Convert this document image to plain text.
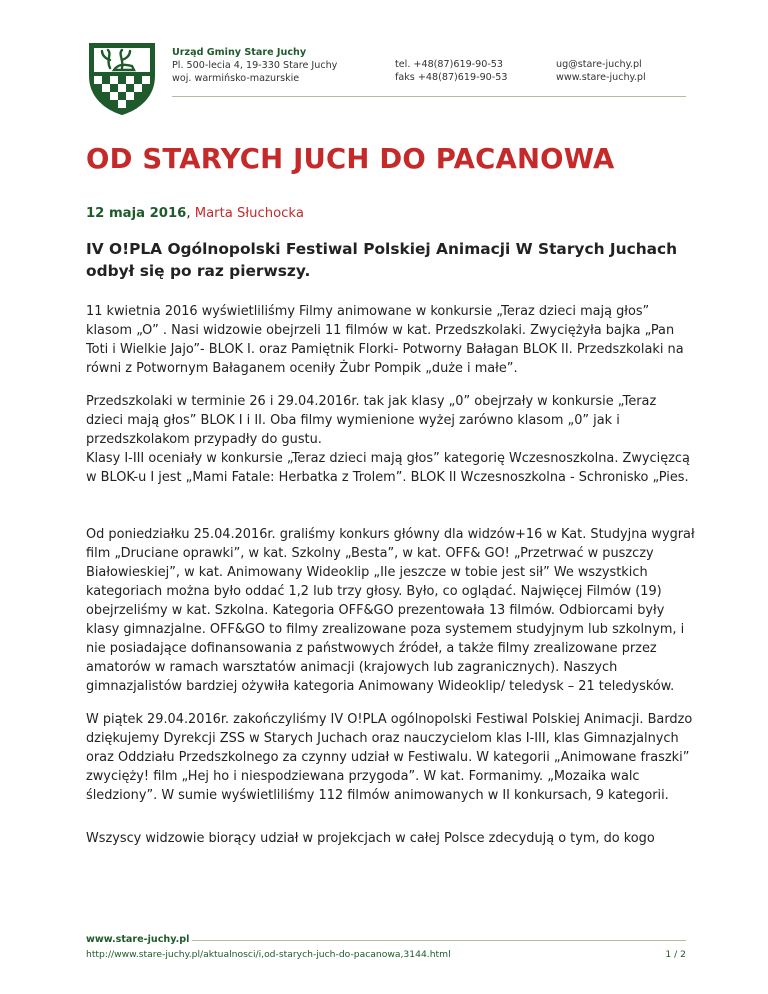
Urząd Gminy Stare Juchy
Pl. 500-lecia 4, 19-330 Stare Juchy
woj. warmińsko-mazurskie
tel. +48(87)619-90-53
faks +48(87)619-90-53
ug@stare-juchy.pl
www.stare-juchy.pl
OD STARYCH JUCH DO PACANOWA
12 maja 2016, Marta Słuchocka
IV O!PLA Ogólnopolski Festiwal Polskiej Animacji W Starych Juchach odbył się po raz pierwszy.

11 kwietnia 2016 wyświetliliśmy Filmy animowane w konkursie „Teraz dzieci mają głos” klasom „O” . Nasi widzowie obejrzeli 11 filmów w kat. Przedszkolaki. Zwyciężyła bajka „Pan Toti i Wielkie Jajo”- BLOK I. oraz Pamiętnik Florki- Potworny Bałagan BLOK II. Przedszkolaki na równi z Potwornym Bałaganem oceniły Żubr Pompik „duże i małe”.

Przedszkolaki w terminie 26 i 29.04.2016r. tak jak klasy „0” obejrzały w konkursie „Teraz dzieci mają głos” BLOK I i II. Oba filmy wymienione wyżej zarówno klasom „0” jak i przedszkolakom przypadły do gustu.

Klasy I-III oceniały w konkursie „Teraz dzieci mają głos” kategorię Wczesnoszkolna. Zwycięzcą w BLOK-u I jest „Mami Fatale: Herbatka z Trolem”. BLOK II Wczesnoszkolna - Schronisko „Pies.

Od poniedziałku 25.04.2016r. graliśmy konkurs główny dla widzów+16 w Kat. Studyjna wygrał film „Druciane oprawki”, w kat. Szkolny „Besta”, w kat. OFF& GO! „Przetrwać w puszczy Białowieskiej”, w kat. Animowany Wideoklip „Ile jeszcze w tobie jest sił” We wszystkich kategoriach można było oddać 1,2 lub trzy głosy. Było, co oglądać. Najwięcej Filmów (19) obejrzeliśmy w kat. Szkolna. Kategoria OFF&GO prezentowała 13 filmów. Odbiorcami były klasy gimnazjalne. OFF&GO to filmy zrealizowane poza systemem studyjnym lub szkolnym, i nie posiadające dofinansowania z państwowych źródeł, a także filmy zrealizowane przez amatorów w ramach warsztatów animacji (krajowych lub zagranicznych). Naszych gimnazjalistów bardziej ożywiła kategoria Animowany Wideoklip/ teledysk – 21 teledysków.

W piątek 29.04.2016r. zakończyliśmy IV O!PLA ogólnopolski Festiwal Polskiej Animacji. Bardzo dziękujemy Dyrekcji ZSS w Starych Juchach oraz nauczycielom klas I-III, klas Gimnazjalnych oraz Oddziału Przedszkolnego za czynny udział w Festiwalu. W kategorii „Animowane fraszki” zwycięży! film „Hej ho i niespodziewana przygoda”. W kat. Formanimy. „Mozaika walc śledziony”. W sumie wyświetliliśmy 112 filmów animowanych w II konkursach, 9 kategorii.

Wszyscy widzowie biorący udział w projekcjach w całej Polsce zdecydują o tym, do kogo

www.stare-juchy.pl
http://www.stare-juchy.pl/aktualnosci/i,od-starych-juch-do-pacanowa,3144.html	1 / 2
